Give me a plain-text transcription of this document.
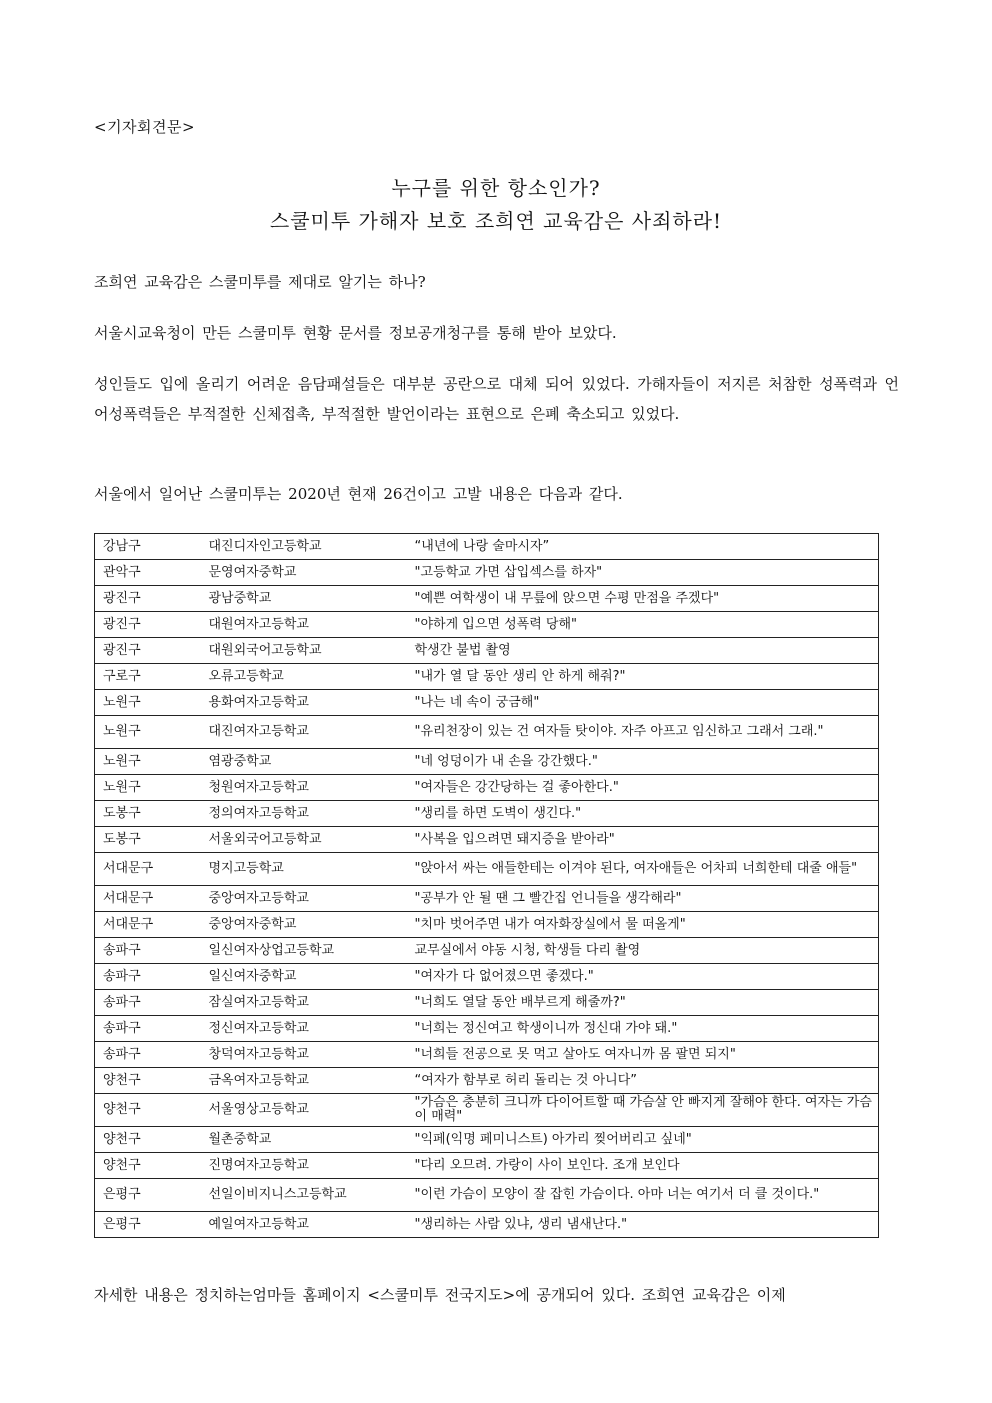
<기자회견문>
누구를 위한 항소인가?
스쿨미투 가해자 보호 조희연 교육감은 사죄하라!
조희연 교육감은 스쿨미투를 제대로 알기는 하나?
서울시교육청이 만든 스쿨미투 현황 문서를 정보공개청구를 통해 받아 보았다.
성인들도 입에 올리기 어려운 음담패설들은 대부분 공란으로 대체 되어 있었다. 가해자들이 저지른 처참한 성폭력과 언어성폭력들은 부적절한 신체접촉, 부적절한 발언이라는 표현으로 은폐 축소되고 있었다.
서울에서 일어난 스쿨미투는 2020년 현재 26건이고 고발 내용은 다음과 같다.
강남구	대진디자인고등학교	“내년에 나랑 술마시자”
관악구	문영여자중학교	"고등학교 가면 삽입섹스를 하자"
광진구	광남중학교	"예쁜 여학생이 내 무릎에 앉으면 수평 만점을 주겠다"
광진구	대원여자고등학교	"야하게 입으면 성폭력 당해"
광진구	대원외국어고등학교	학생간 불법 촬영
구로구	오류고등학교	"내가 열 달 동안 생리 안 하게 해줘?"
노원구	용화여자고등학교	"나는 네 속이 궁금해"
노원구	대진여자고등학교	"유리천장이 있는 건 여자들 탓이야. 자주 아프고 임신하고 그래서 그래."
노원구	염광중학교	"네 엉덩이가 내 손을 강간했다."
노원구	청원여자고등학교	"여자들은 강간당하는 걸 좋아한다."
도봉구	정의여자고등학교	"생리를 하면 도벽이 생긴다."
도봉구	서울외국어고등학교	"사복을 입으려면 돼지증을 받아라"
서대문구	명지고등학교	"앉아서 싸는 애들한테는 이겨야 된다, 여자애들은 어차피 너희한테 대줄 애들"
서대문구	중앙여자고등학교	"공부가 안 될 땐 그 빨간집 언니들을 생각해라"
서대문구	중앙여자중학교	"치마 벗어주면 내가 여자화장실에서 물 떠올게"
송파구	일신여자상업고등학교	교무실에서 야동 시청, 학생들 다리 촬영
송파구	일신여자중학교	"여자가 다 없어졌으면 좋겠다."
송파구	잠실여자고등학교	"너희도 열달 동안 배부르게 해줄까?"
송파구	정신여자고등학교	"너희는 정신여고 학생이니까 정신대 가야 돼."
송파구	창덕여자고등학교	"너희들 전공으로 못 먹고 살아도 여자니까 몸 팔면 되지"
양천구	금옥여자고등학교	“여자가 함부로 허리 돌리는 것 아니다”
양천구	서울영상고등학교	"가슴은 충분히 크니까 다이어트할 때 가슴살 안 빠지게 잘해야 한다. 여자는 가슴이 매력"
양천구	월촌중학교	"익페(익명 페미니스트) 아가리 찢어버리고 싶네"
양천구	진명여자고등학교	"다리 오므려. 가랑이 사이 보인다. 조개 보인다
은평구	선일이비지니스고등학교	"이런 가슴이 모양이 잘 잡힌 가슴이다. 아마 너는 여기서 더 클 것이다."
은평구	예일여자고등학교	"생리하는 사람 있냐, 생리 냄새난다."
자세한 내용은 정치하는엄마들 홈페이지 <스쿨미투 전국지도>에 공개되어 있다. 조희연 교육감은 이제
